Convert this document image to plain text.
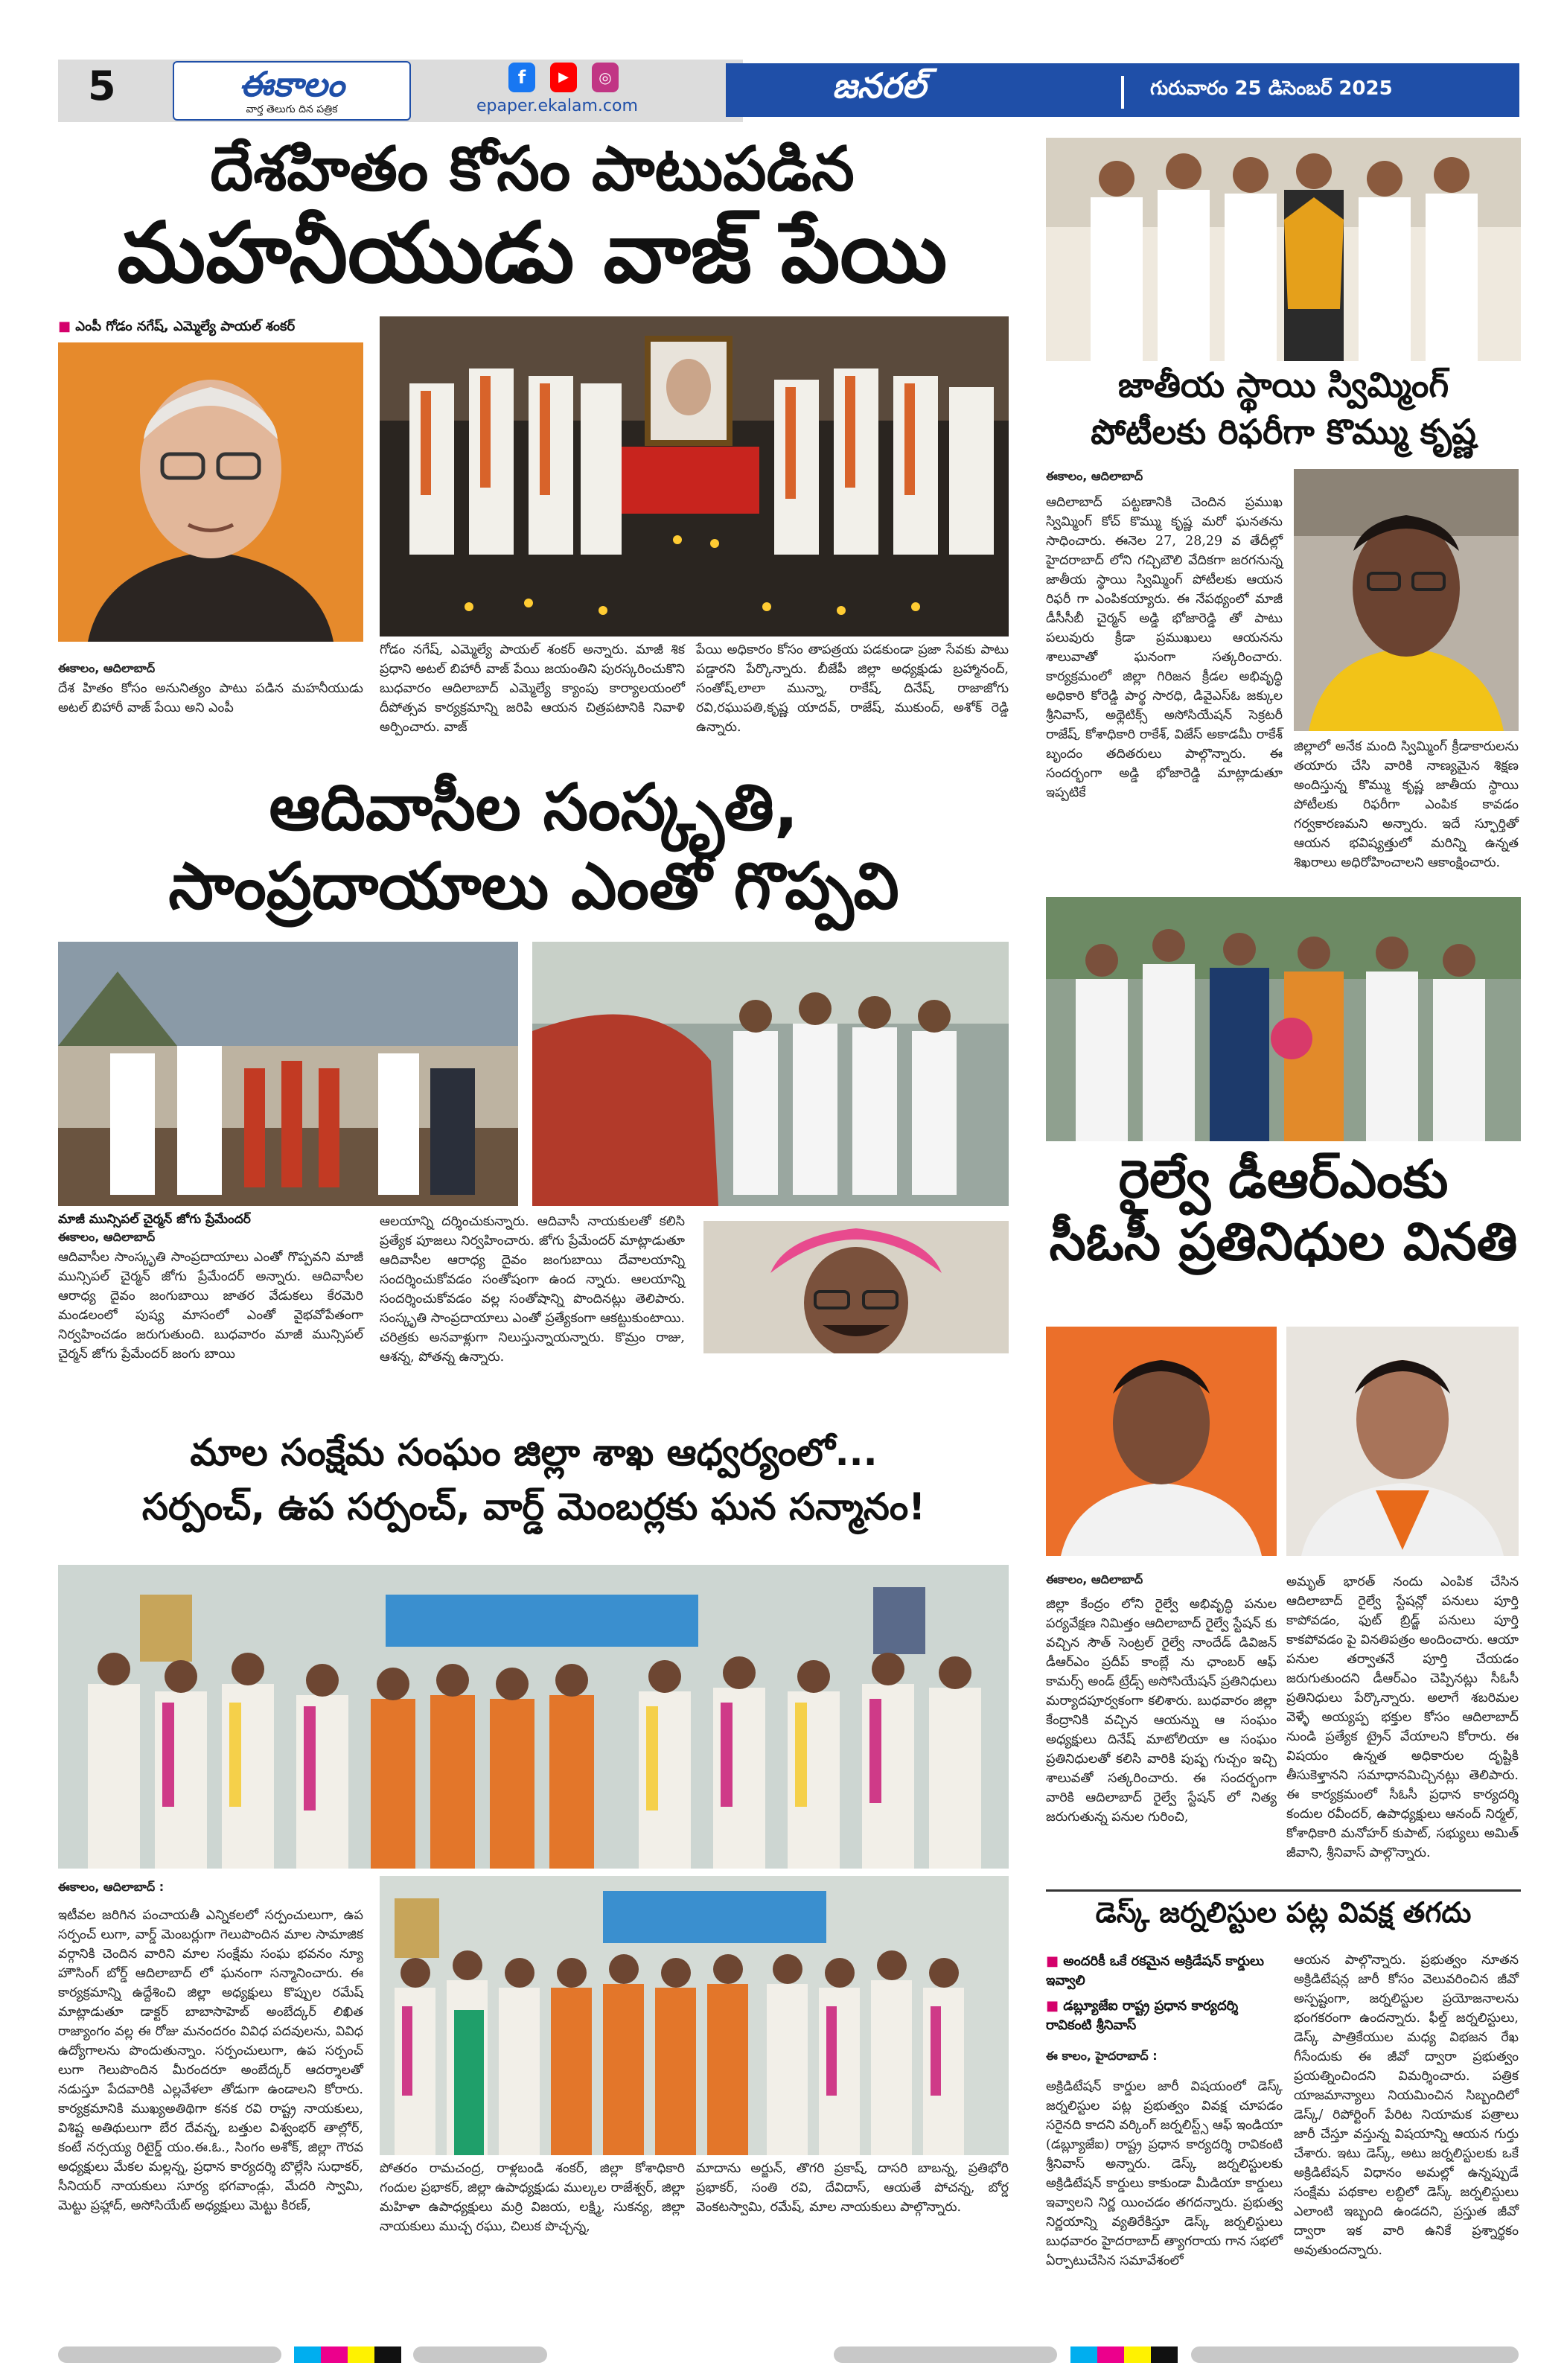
5	ఈకాలం
వార్త తెలుగు దిన పత్రిక
f	▶	◎
epaper.ekalam.com
జనరల్	గురువారం 25 డిసెంబర్ 2025
దేశహితం కోసం పాటుపడిన
మహనీయుడు వాజ్ పేయి
■ ఎంపీ గోడం నగేష్, ఎమ్మెల్యే పాయల్ శంకర్
ఈకాలం, ఆదిలాబాద్
దేశ హితం కోసం అనునిత్యం పాటు పడిన మహనీయుడు అటల్ బిహారీ వాజ్ పేయి అని ఎంపీ
గోడం నగేష్, ఎమ్మెల్యే పాయల్ శంకర్ అన్నారు. మాజీ శిక ప్రధాని అటల్ బిహారీ వాజ్ పేయి జయంతిని పురస్కరించుకొని బుధవారం ఆదిలాబాద్ ఎమ్మెల్యే క్యాంపు కార్యాలయంలో దీపోత్సవ కార్యక్రమాన్ని జరిపి ఆయన చిత్రపటానికి నివాళి అర్పించారు. వాజ్
పేయి అధికారం కోసం తాపత్రయ పడకుండా ప్రజా సేవకు పాటు పడ్డారని పేర్కొన్నారు. బీజేపీ జిల్లా అధ్యక్షుడు బ్రహ్మానంద్, సంతోష్,లాలా మున్నా, రాకేష్, దినేష్, రాజాజోగు రవి,రఘుపతి,కృష్ణ యాదవ్, రాజేష్, ముకుంద్, అశోక్ రెడ్డి ఉన్నారు.
జాతీయ స్థాయి స్విమ్మింగ్
పోటీలకు రిఫరీగా కొమ్ము కృష్ణ
ఈకాలం, ఆదిలాబాద్
ఆదిలాబాద్ పట్టణానికి చెందిన ప్రముఖ స్విమ్మింగ్ కోచ్ కొమ్ము కృష్ణ మరో ఘనతను సాధించారు. ఈనెల 27, 28,29 వ తేదీల్లో హైదరాబాద్ లోని గచ్చిబౌలి వేదికగా జరగనున్న జాతీయ స్థాయి స్విమ్మింగ్ పోటీలకు ఆయన రిఫరీ గా ఎంపికయ్యారు. ఈ నేపథ్యంలో మాజీ డీసీసీబీ చైర్మన్ అడ్డి భోజారెడ్డి తో పాటు పలువురు క్రీడా ప్రముఖులు ఆయనను శాలువాతో ఘనంగా సత్కరించారు. కార్యక్రమంలో జిల్లా గిరిజన క్రీడల అభివృద్ధి అధికారి కోరెడ్డి పార్థ సారధి, డివైఎస్ఓ జక్కుల శ్రీనివాస్, అథ్లెటిక్స్ అసోసియేషన్ సెక్రటరీ రాజేష్, కోశాధికారి రాకేశ్, విజేస్ అకాడమీ రాకేశ్ బృందం తదితరులు పాల్గొన్నారు. ఈ సందర్భంగా అడ్డి భోజారెడ్డి మాట్లాడుతూ ఇప్పటికే
జిల్లాలో అనేక మంది స్విమ్మింగ్ క్రీడాకారులను తయారు చేసి వారికి నాణ్యమైన శిక్షణ అందిస్తున్న కొమ్ము కృష్ణ జాతీయ స్థాయి పోటీలకు రిఫరీగా ఎంపిక కావడం గర్వకారణమని అన్నారు. ఇదే స్ఫూర్తితో ఆయన భవిష్యత్తులో మరిన్ని ఉన్నత శిఖరాలు అధిరోహించాలని ఆకాంక్షించారు.
ఆదివాసీల సంస్కృతి,
సాంప్రదాయాలు ఎంతో గొప్పవి
మాజీ మున్సిపల్ చైర్మన్ జోగు ప్రేమేందర్
ఈకాలం, ఆదిలాబాద్
ఆదివాసీల సాంస్కృతి సాంప్రదాయాలు ఎంతో గొప్పవని మాజీ మున్సిపల్ చైర్మన్ జోగు ప్రేమేందర్ అన్నారు. ఆదివాసీల ఆరాధ్య దైవం జంగుబాయి జాతర వేడుకలు కేరమెరి మండలంలో పుష్య మాసంలో ఎంతో వైభవోపేతంగా నిర్వహించడం జరుగుతుంది. బుధవారం మాజీ మున్సిపల్ చైర్మన్ జోగు ప్రేమేందర్ జంగు బాయి
ఆలయాన్ని దర్శించుకున్నారు. ఆదివాసీ నాయకులతో కలిసి ప్రత్యేక పూజలు నిర్వహించారు. జోగు ప్రేమేందర్ మాట్లాడుతూ ఆదివాసీల ఆరాధ్య దైవం జంగుబాయి దేవాలయాన్ని సందర్శించుకోవడం సంతోషంగా ఉంద న్నారు. ఆలయాన్ని సందర్శించుకోవడం వల్ల సంతోషాన్ని పొందినట్లు తెలిపారు. సంస్కృతి సాంప్రదాయాలు ఎంతో ప్రత్యేకంగా ఆకట్టుకుంటాయి. చరిత్రకు అనవాళ్లుగా నిలుస్తున్నాయన్నారు. కొమ్రం రాజు, ఆశన్న, పోతన్న ఉన్నారు.
రైల్వే డీఆర్ఎంకు
సీఓసీ ప్రతినిధుల వినతి
ఈకాలం, ఆదిలాబాద్
జిల్లా కేంద్రం లోని రైల్వే అభివృద్ధి పనుల పర్యవేక్షణ నిమిత్తం ఆదిలాబాద్ రైల్వే స్టేషన్ కు వచ్చిన సౌత్ సెంట్రల్ రైల్వే నాందేడ్ డివిజన్ డీఆర్ఎం ప్రదీప్ కాంబ్లే ను ఛాంబర్ ఆఫ్ కామర్స్ అండ్ ట్రేడ్స్ అసోసియేషన్ ప్రతినిధులు మర్యాదపూర్వకంగా కలిశారు. బుధవారం జిల్లా కేంద్రానికి వచ్చిన ఆయన్ను ఆ సంఘం అధ్యక్షులు దినేష్ మాటోలియా ఆ సంఘం ప్రతినిధులతో కలిసి వారికి పుష్ప గుచ్చం ఇచ్చి శాలువతో సత్కరించారు. ఈ సందర్భంగా వారికి ఆదిలాబాద్ రైల్వే స్టేషన్ లో నిత్య జరుగుతున్న పనుల గురించి,
అమృత్ భారత్ నందు ఎంపిక చేసిన ఆదిలాబాద్ రైల్వే స్టేషన్లో పనులు పూర్తి కాపోవడం, ఫుట్ బ్రిడ్జ్ పనులు పూర్తి కాకపోవడం పై వినతిపత్రం అందించారు. ఆయా పనుల తర్వాతనే పూర్తి చేయడం జరుగుతుందని డీఆర్ఎం చెప్పినట్లు సీఓసీ ప్రతినిధులు పేర్కొన్నారు. అలాగే శబరిమల వెళ్ళే అయ్యప్ప భక్తుల కోసం ఆదిలాబాద్ నుండి ప్రత్యేక ట్రైన్ వేయాలని కోరారు. ఈ విషయం ఉన్నత అధికారుల దృష్టికి తీసుకెళ్తానని సమాధానమిచ్చినట్లు తెలిపారు. ఈ కార్యక్రమంలో సీఓసీ ప్రధాన కార్యదర్శి కందుల రవీందర్, ఉపాధ్యక్షులు ఆనంద్ నిర్మల్, కోశాధికారి మనోహర్ కుపాట్, సభ్యులు అమిత్ జీవాని, శ్రీనివాస్ పాల్గొన్నారు.
మాల సంక్షేమ సంఘం జిల్లా శాఖ ఆధ్వర్యంలో...
సర్పంచ్, ఉప సర్పంచ్, వార్డ్ మెంబర్లకు ఘన సన్మానం!
ఈకాలం, ఆదిలాబాద్ :
ఇటీవల జరిగిన పంచాయతీ ఎన్నికలలో సర్పంచులుగా, ఉప సర్పంచ్ లుగా, వార్డ్ మెంబర్లుగా గెలుపొందిన మాల సామాజిక వర్గానికి చెందిన వారిని మాల సంక్షేమ సంఘ భవనం న్యూ హౌసింగ్ బోర్డ్ ఆదిలాబాద్ లో ఘనంగా సన్మానించారు. ఈ కార్యక్రమాన్ని ఉద్దేశించి జిల్లా అధ్యక్షులు కొప్పుల రమేష్ మాట్లాడుతూ డాక్టర్ బాబాసాహెబ్ అంబేద్కర్ లిఖిత రాజ్యాంగం వల్ల ఈ రోజు మనందరం వివిధ పదవులను, వివిధ ఉద్యోగాలను పొందుతున్నాం. సర్పంచులుగా, ఉప సర్పంచ్ లుగా గెలుపొందిన మీరందరూ అంబేద్కర్ ఆదర్శాలతో నడుస్తూ పేదవారికి ఎల్లవేళలా తోడుగా ఉండాలని కోరారు. కార్యక్రమానికి ముఖ్యఅతిథిగా కనక రవి రాష్ట్ర నాయకులు, విశిష్ట అతిథులుగా బేర దేవన్న, బత్తుల విశ్వంభర్ తాల్లోర్, కంటే నర్సయ్య రిటైర్డ్ యం.ఈ.ఓ., సింగం అశోక్, జిల్లా గౌరవ అధ్యక్షులు మేకల మల్లన్న, ప్రధాన కార్యదర్శి బొల్లేసి సుధాకర్, సీనియర్ నాయకులు సూర్య భగవాండ్లు, మేదరి స్వామి, మెట్టు ప్రహ్లాద్, అసోసియేట్ అధ్యక్షులు మెట్టు కిరణ్,
పోతరం రామచంద్ర, రాళ్లబండి శంకర్, జిల్లా కోశాధికారి గందుల ప్రభాకర్, జిల్లా ఉపాధ్యక్షుడు ముల్కల రాజేశ్వర్, జిల్లా మహిళా ఉపాధ్యక్షులు మర్రి విజయ, లక్ష్మి, సుకన్య, జిల్లా నాయకులు ముచ్చ రఘు, చిలుక పొచ్చన్న,
మాదాను అర్జున్, తొగరి ప్రకాష్, దాసరి బాబన్న, ప్రతిభోరి ప్రభాకర్, సంతి రవి, దేవిదాస్, ఆయతే పోచన్న, బోర్డ వెంకటస్వామి, రమేష్, మాల నాయకులు పాల్గొన్నారు.
డెస్క్ జర్నలిస్టుల పట్ల వివక్ష తగదు
■ అందరికీ ఒకే రకమైన అక్రిడేషన్ కార్డులు ఇవ్వాలి
■ డబ్ల్యూజేఐ రాష్ట్ర ప్రధాన కార్యదర్శి రావికంటి శ్రీనివాస్
ఈ కాలం, హైదరాబాద్ :
అక్రిడిటేషన్ కార్డుల జారీ విషయంలో డెస్క్ జర్నలిస్టుల పట్ల ప్రభుత్వం వివక్ష చూపడం సరైనది కాదని వర్కింగ్ జర్నలిస్ట్స్ ఆఫ్ ఇండియా (డబ్ల్యూజేఐ) రాష్ట్ర ప్రధాన కార్యదర్శి రావికంటి శ్రీనివాస్ అన్నారు. డెస్క్ జర్నలిస్టులకు అక్రిడిటేషన్ కార్డులు కాకుండా మీడియా కార్డులు ఇవ్వాలని నిర్ణ యించడం తగదన్నారు. ప్రభుత్వ నిర్ణయాన్ని వ్యతిరేకిస్తూ డెస్క్ జర్నలిస్టులు బుధవారం హైదరాబాద్ త్యాగరాయ గాన సభలో ఏర్పాటుచేసిన సమావేశంలో
ఆయన పాల్గొన్నారు. ప్రభుత్వం నూతన అక్రిడిటేషన్ల జారీ కోసం వెలువరించిన జీవో అస్పష్టంగా, జర్నలిస్టుల ప్రయోజనాలను భంగకరంగా ఉందన్నారు. ఫీల్డ్ జర్నలిస్టులు, డెస్క్ పాత్రికేయుల మధ్య విభజన రేఖ గీసేందుకు ఈ జీవో ద్వారా ప్రభుత్వం ప్రయత్నించిందని విమర్శించారు. పత్రిక యాజమాన్యాలు నియమించిన సిబ్బందిలో డెస్క్/ రిపోర్టింగ్ పేరిట నియామక పత్రాలు జారీ చేస్తూ వస్తున్న విషయాన్ని ఆయన గుర్తు చేశారు. ఇటు డెస్క్, అటు జర్నలిస్టులకు ఒకే అక్రిడిటేషన్ విధానం అమల్లో ఉన్నప్పుడే సంక్షేమ పథకాల లబ్ధిలో డెస్క్ జర్నలిస్టులు ఎలాంటి ఇబ్బంది ఉండదని, ప్రస్తుత జీవో ద్వారా ఇక వారి ఉనికే ప్రశ్నార్థకం అవుతుందన్నారు.
